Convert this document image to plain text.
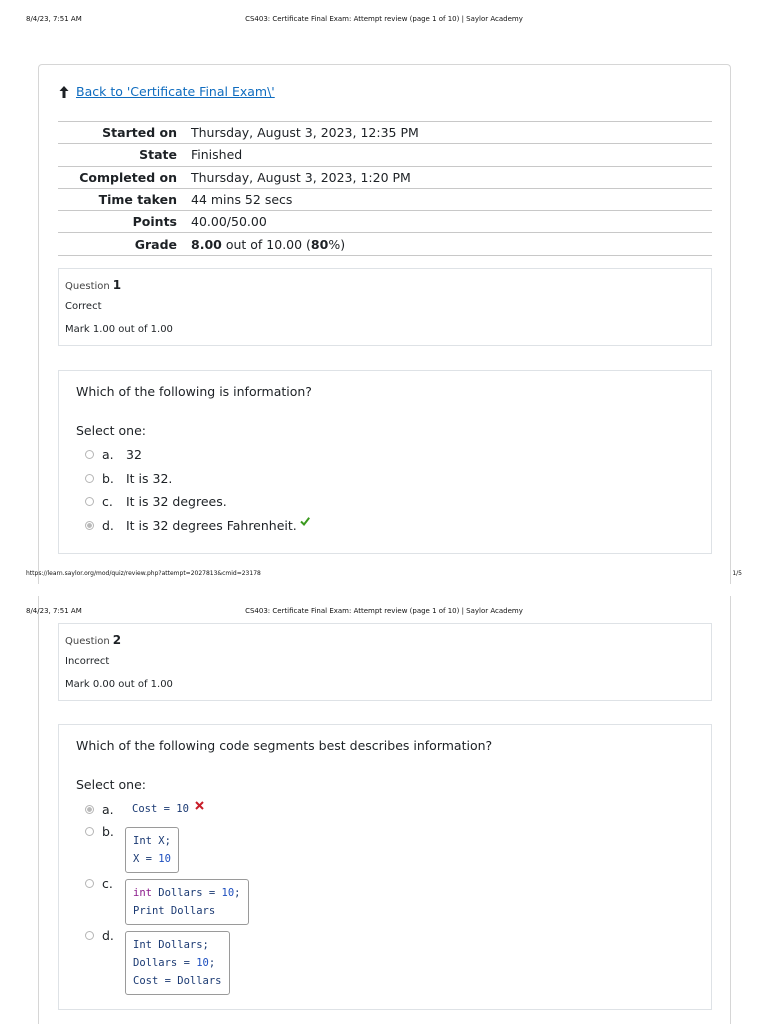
8/4/23, 7:51 AM	CS403: Certificate Final Exam: Attempt review (page 1 of 10) | Saylor Academy
Back to 'Certificate Final Exam\'
Started on	Thursday, August 3, 2023, 12:35 PM
State	Finished
Completed on	Thursday, August 3, 2023, 1:20 PM
Time taken	44 mins 52 secs
Points	40.00/50.00
Grade	8.00 out of 10.00 (80%)
Question 1
Correct
Mark 1.00 out of 1.00
Which of the following is information?
Select one:
a. 32
b. It is 32.
c.	It is 32 degrees.
d. It is 32 degrees Fahrenheit.
https://learn.saylor.org/mod/quiz/review.php?attempt=2027813&cmid=23178	1/5
8/4/23, 7:51 AM	CS403: Certificate Final Exam: Attempt review (page 1 of 10) | Saylor Academy
Question 2
Incorrect
Mark 0.00 out of 1.00
Which of the following code segments best describes information?
Select one:
a.	Cost = 10
b.
Int X;
X = 10
c.
int Dollars = 10;
Print Dollars
d.
Int Dollars;
Dollars = 10;
Cost = Dollars
